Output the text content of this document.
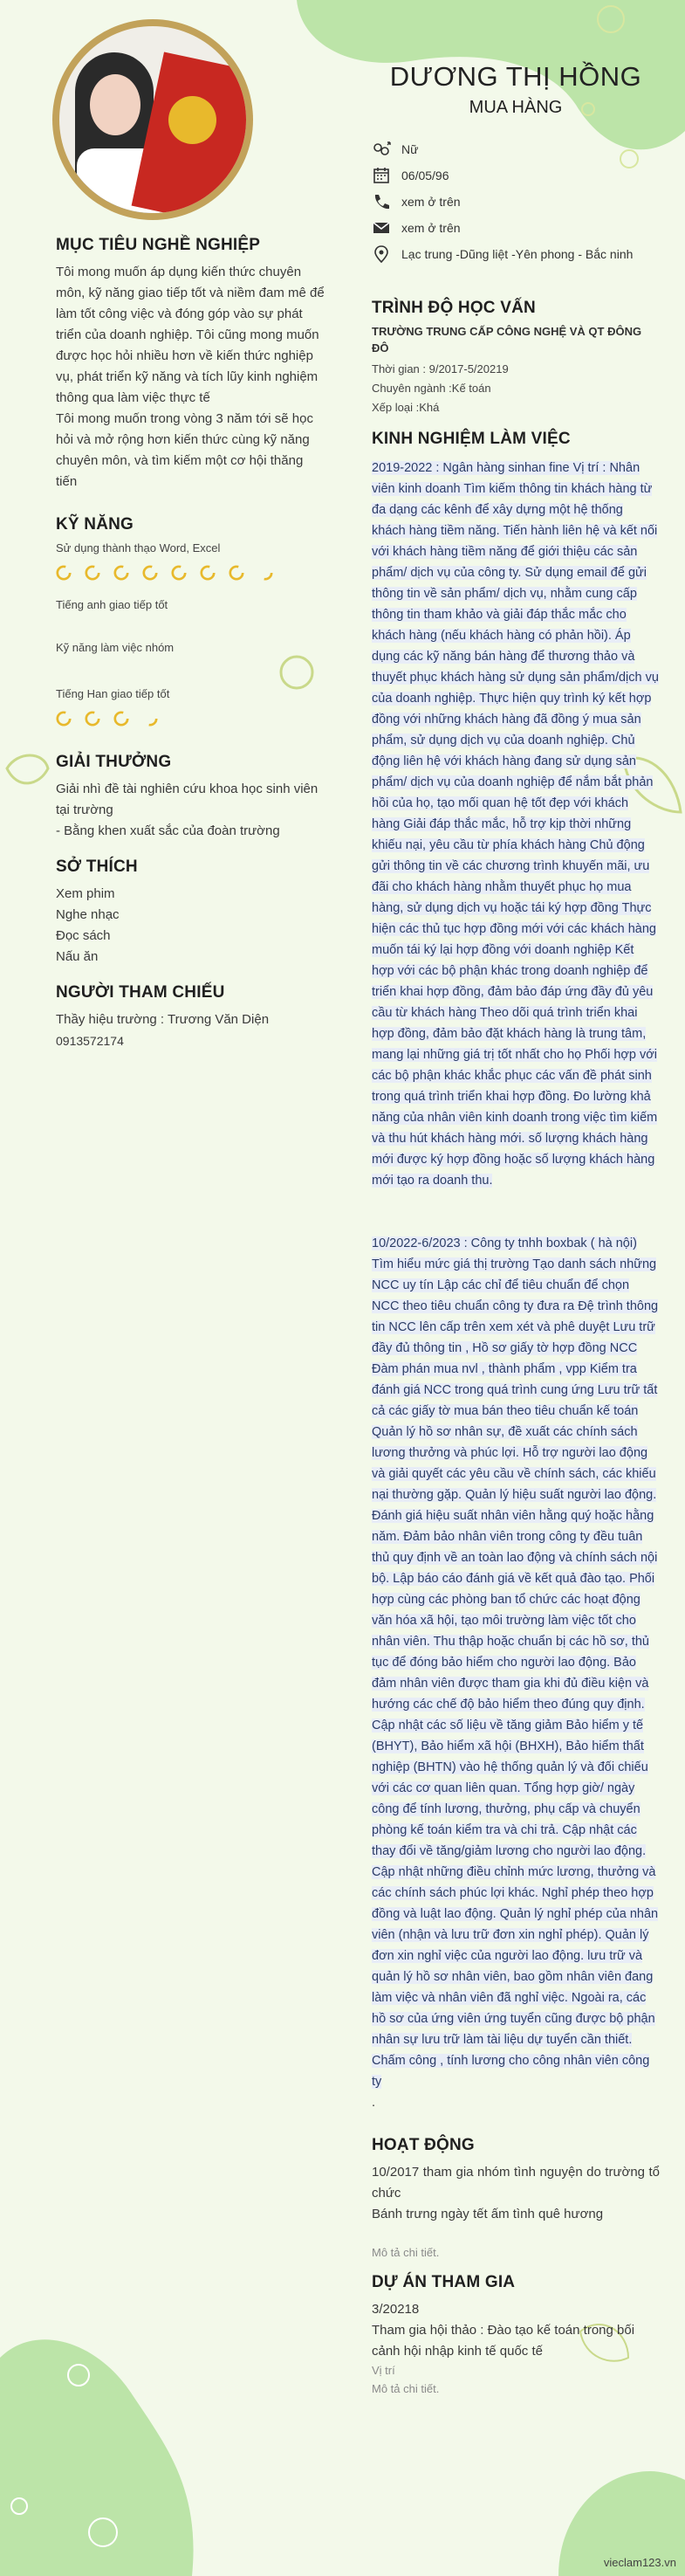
MỤC TIÊU NGHỀ NGHIỆP
Tôi mong muốn áp dụng kiến thức chuyên môn, kỹ năng giao tiếp tốt và niềm đam mê để làm tốt công việc và đóng góp vào sự phát triển của doanh nghiệp. Tôi cũng mong muốn được học hỏi nhiều hơn về kiến thức nghiệp vụ, phát triển kỹ năng và tích lũy kinh nghiệm thông qua làm việc thực tế
Tôi mong muốn trong vòng 3 năm tới sẽ học hỏi và mở rộng hơn kiến thức cùng kỹ năng chuyên môn, và tìm kiếm một cơ hội thăng tiến
KỸ NĂNG
Sử dụng thành thạo Word, Excel
Tiếng anh giao tiếp tốt
Kỹ năng làm việc nhóm
Tiếng Han giao tiếp tốt
GIẢI THƯỞNG
Giải nhì đề tài nghiên cứu khoa học sinh viên tại trường
- Bằng khen xuất sắc của đoàn trường
SỞ THÍCH
Xem phim
Nghe nhạc
Đọc sách
Nấu ăn
NGƯỜI THAM CHIẾU
Thầy hiệu trường : Trương Văn Diện
0913572174
DƯƠNG THỊ HỒNG
MUA HÀNG
Nữ
06/05/96
xem ở trên
xem ở trên
Lạc trung -Dũng liệt -Yên phong - Bắc ninh
TRÌNH ĐỘ HỌC VẤN
TRƯỜNG TRUNG CẤP CÔNG NGHỆ VÀ QT ĐÔNG ĐÔ
Thời gian : 9/2017-5/20219
Chuyên ngành :Kế toán
Xếp loại :Khá
KINH NGHIỆM LÀM VIỆC
2019-2022 : Ngân hàng sinhan fine Vị trí : Nhân viên kinh doanh Tìm kiếm thông tin khách hàng từ đa dạng các kênh để xây dựng một hệ thống khách hàng tiềm năng. Tiến hành liên hệ và kết nối với khách hàng tiềm năng để giới thiệu các sản phẩm/ dịch vụ của công ty. Sử dụng email để gửi thông tin về sản phẩm/ dịch vụ, nhằm cung cấp thông tin tham khảo và giải đáp thắc mắc cho khách hàng (nếu khách hàng có phản hồi). Áp dụng các kỹ năng bán hàng để thương thảo và thuyết phục khách hàng sử dụng sản phẩm/dịch vụ của doanh nghiệp. Thực hiện quy trình ký kết hợp đồng với những khách hàng đã đồng ý mua sản phẩm, sử dụng dịch vụ của doanh nghiệp. Chủ động liên hệ với khách hàng đang sử dụng sản phẩm/ dịch vụ của doanh nghiệp để nắm bắt phản hồi của họ, tạo mối quan hệ tốt đẹp với khách hàng Giải đáp thắc mắc, hỗ trợ kịp thời những khiếu nại, yêu cầu từ phía khách hàng Chủ động gửi thông tin về các chương trình khuyến mãi, ưu đãi cho khách hàng nhằm thuyết phục họ mua hàng, sử dụng dịch vụ hoặc tái ký hợp đồng Thực hiện các thủ tục hợp đồng mới với các khách hàng muốn tái ký lại hợp đồng với doanh nghiệp Kết hợp với các bộ phận khác trong doanh nghiệp để triển khai hợp đồng, đảm bảo đáp ứng đầy đủ yêu cầu từ khách hàng Theo dõi quá trình triển khai hợp đồng, đảm bảo đặt khách hàng là trung tâm, mang lại những giá trị tốt nhất cho họ Phối hợp với các bộ phận khác khắc phục các vấn đề phát sinh trong quá trình triển khai hợp đồng. Đo lường khả năng của nhân viên kinh doanh trong việc tìm kiếm và thu hút khách hàng mới. số lượng khách hàng mới được ký hợp đồng hoặc số lượng khách hàng mới tạo ra doanh thu.
10/2022-6/2023 : Công ty tnhh boxbak ( hà nội) Tìm hiểu mức giá thị trường Tạo danh sách những NCC uy tín Lập các chỉ để tiêu chuẩn để chọn NCC theo tiêu chuẩn công ty đưa ra Đệ trình thông tin NCC lên cấp trên xem xét và phê duyệt Lưu trữ đầy đủ thông tin , Hồ sơ giấy tờ hợp đồng NCC Đàm phán mua nvl , thành phẩm , vpp Kiểm tra đánh giá NCC trong quá trình cung ứng Lưu trữ tất cả các giấy tờ mua bán theo tiêu chuẩn kế toán Quản lý hồ sơ nhân sự, đề xuất các chính sách lương thưởng và phúc lợi. Hỗ trợ người lao động và giải quyết các yêu cầu về chính sách, các khiếu nại thường gặp. Quản lý hiệu suất người lao động. Đánh giá hiệu suất nhân viên hằng quý hoặc hằng năm. Đảm bảo nhân viên trong công ty đều tuân thủ quy định về an toàn lao động và chính sách nội bộ. Lập báo cáo đánh giá về kết quả đào tạo. Phối hợp cùng các phòng ban tổ chức các hoạt động văn hóa xã hội, tạo môi trường làm việc tốt cho nhân viên. Thu thập hoặc chuẩn bị các hồ sơ, thủ tục để đóng bảo hiểm cho người lao động. Bảo đảm nhân viên được tham gia khi đủ điều kiện và hướng các chế độ bảo hiểm theo đúng quy định. Cập nhật các số liệu về tăng giảm Bảo hiểm y tế (BHYT), Bảo hiểm xã hội (BHXH), Bảo hiểm thất nghiệp (BHTN) vào hệ thống quản lý và đối chiếu với các cơ quan liên quan. Tổng hợp giờ/ ngày công để tính lương, thưởng, phụ cấp và chuyển phòng kế toán kiểm tra và chi trả. Cập nhật các thay đổi về tăng/giảm lương cho người lao động. Cập nhật những điều chỉnh mức lương, thưởng và các chính sách phúc lợi khác. Nghỉ phép theo hợp đồng và luật lao động. Quản lý nghỉ phép của nhân viên (nhận và lưu trữ đơn xin nghỉ phép). Quản lý đơn xin nghỉ việc của người lao động. lưu trữ và quản lý hồ sơ nhân viên, bao gồm nhân viên đang làm việc và nhân viên đã nghỉ việc. Ngoài ra, các hồ sơ của ứng viên ứng tuyển cũng được bộ phận nhân sự lưu trữ làm tài liệu dự tuyển cần thiết. Chấm công , tính lương cho công nhân viên công ty
.
HOẠT ĐỘNG
10/2017 tham gia nhóm tình nguyện do trường tổ chức
Bánh trưng ngày tết ấm tình quê hương
Mô tả chi tiết.
DỰ ÁN THAM GIA
3/20218
Tham gia hội thảo : Đào tạo kế toán trong bối cảnh hội nhập kinh tế quốc tế
Vị trí
Mô tả chi tiết.
vieclam123.vn
